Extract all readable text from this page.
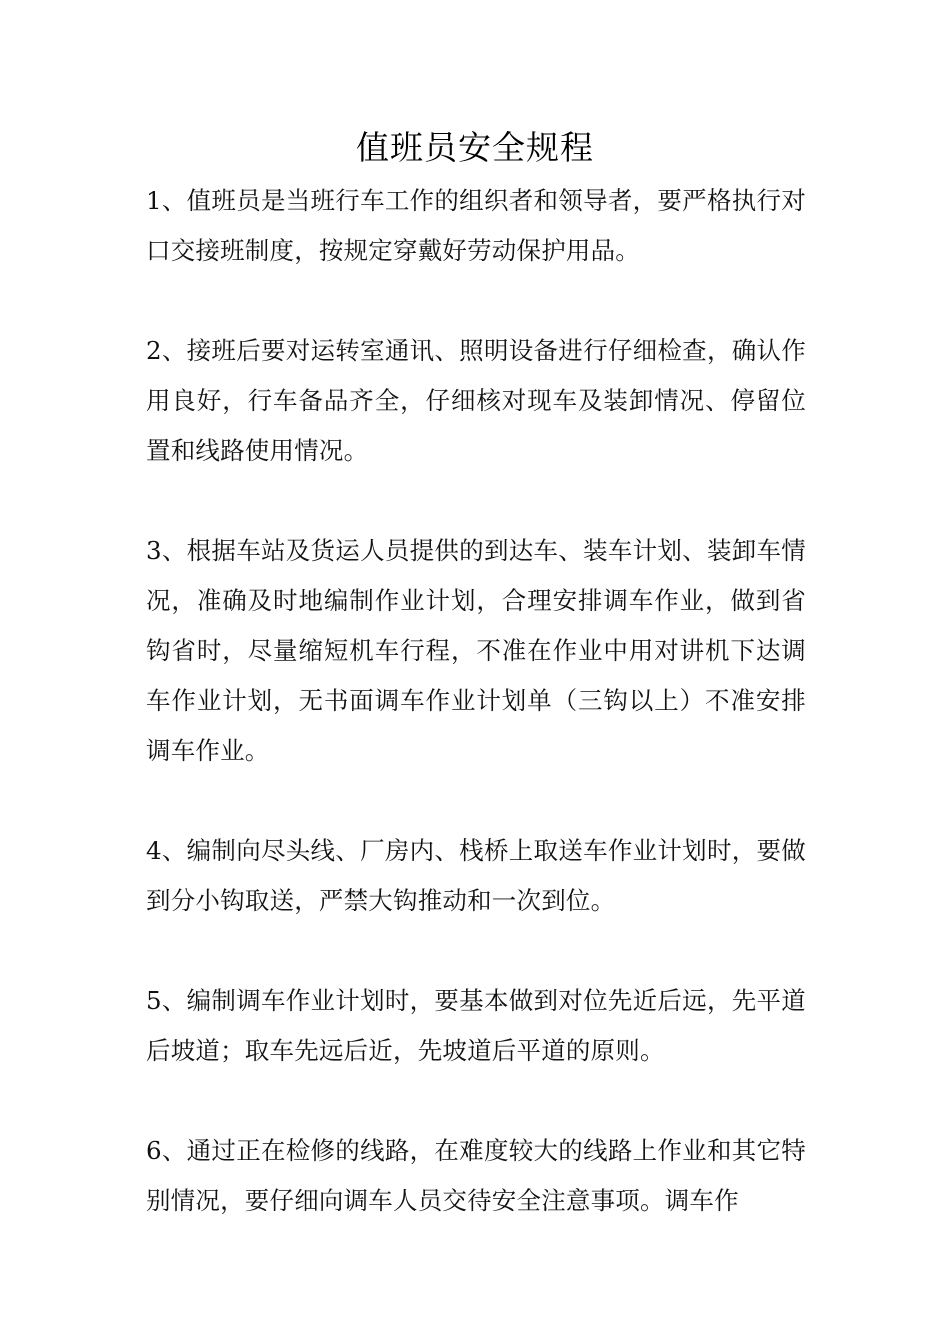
值班员安全规程

1、值班员是当班行车工作的组织者和领导者，要严格执行对口交接班制度，按规定穿戴好劳动保护用品。

2、接班后要对运转室通讯、照明设备进行仔细检查，确认作用良好，行车备品齐全，仔细核对现车及装卸情况、停留位置和线路使用情况。

3、根据车站及货运人员提供的到达车、装车计划、装卸车情况，准确及时地编制作业计划，合理安排调车作业，做到省钩省时，尽量缩短机车行程，不准在作业中用对讲机下达调车作业计划，无书面调车作业计划单（三钩以上）不准安排调车作业。

4、编制向尽头线、厂房内、栈桥上取送车作业计划时，要做到分小钩取送，严禁大钩推动和一次到位。

5、编制调车作业计划时，要基本做到对位先近后远，先平道后坡道；取车先远后近，先坡道后平道的原则。

6、通过正在检修的线路，在难度较大的线路上作业和其它特别情况，要仔细向调车人员交待安全注意事项。调车作
